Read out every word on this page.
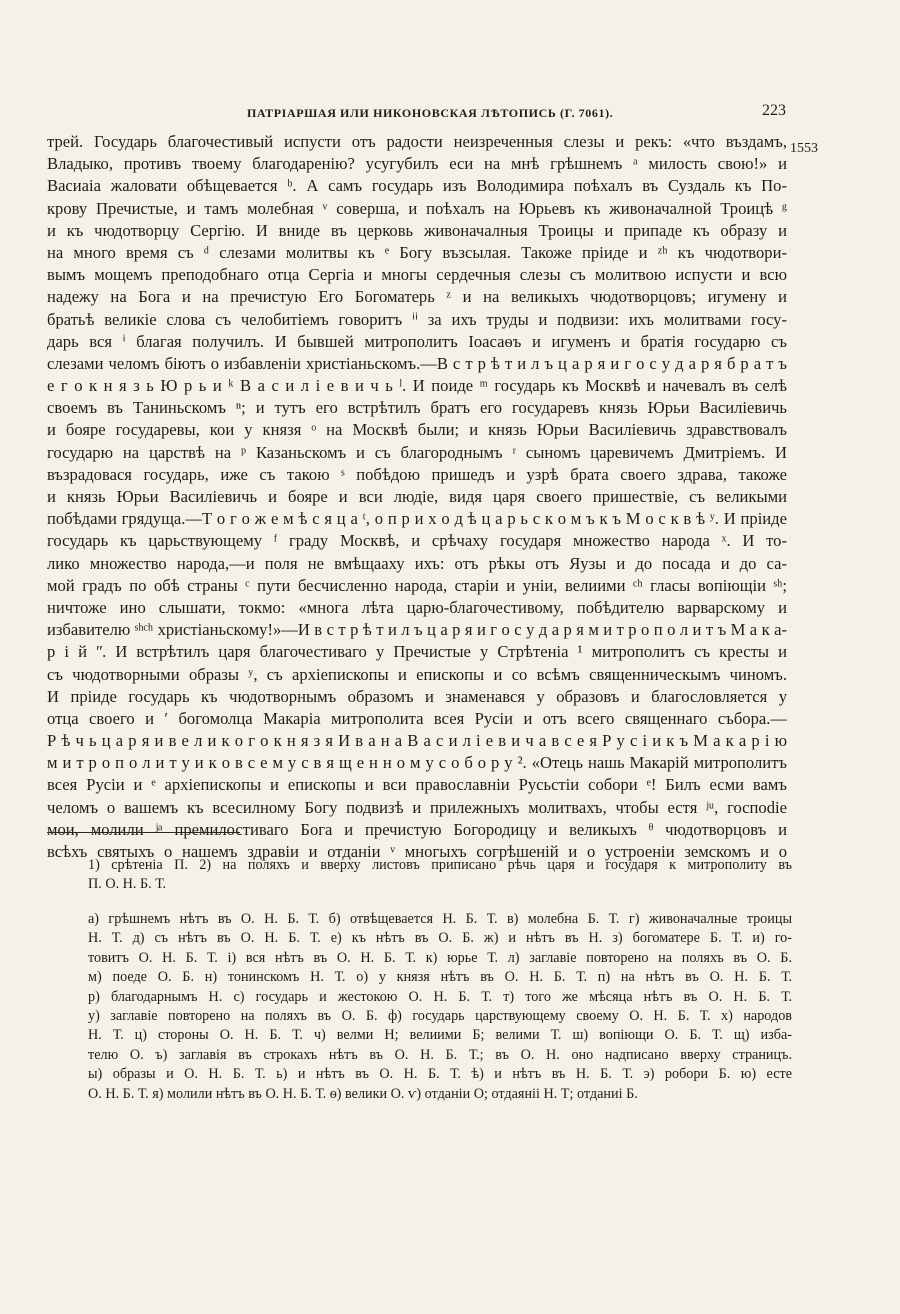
ПАТРІАРШАЯ ИЛИ НИКОНОВСКАЯ ЛѢТОПИСЬ (Г. 7061).	223
1553
трей. Государь благочестивый испусти отъ радости неизреченныя слезы и рекъ: «что въздамъ,
Владыко, противъ твоему благодаренію? усугубилъ еси на мнѣ грѣшнемъ ᵃ милость свою!» и
Васиаіа жаловати обѣщевается ᵇ. А самъ государь изъ Володимира поѣхалъ въ Суздаль къ По-
крову Пречистые, и тамъ молебная ᵛ соверша, и поѣхалъ на Юрьевъ къ живоначалной Троицѣ ᵍ
и къ чюдотворцу Сергію. И вниде въ церковь живоначалныя Троицы и припаде къ образу и
на много время съ ᵈ слезами молитвы къ ᵉ Богу възсылая. Такоже пріиде и ᶻʰ къ чюдотвори-
вымъ мощемъ преподобнаго отца Сергіа и многы сердечныя слезы съ молитвою испусти и всю
надежу на Бога и на пречистую Его Богоматерь ᶻ и на великыхъ чюдотворцовъ; игумену и
братьѣ великіе слова съ челобитіемъ говоритъ ⁱⁱ за ихъ труды и подвизи: ихъ молитвами госу-
дарь вся ⁱ благая получилъ. И бывшей митрополитъ Іоасаѳъ и игуменъ и братія государю съ
слезами челомъ біютъ о избавленіи христіаньскомъ.—В с т р ѣ т и л ъ ц а р я и г о с у д а р я б р а т ъ
е г о к н я з ь Ю р ь и ᵏ В а с и л і е в и ч ь ˡ. И поиде ᵐ государь къ Москвѣ и начевалъ въ селѣ
своемъ въ Таниньскомъ ⁿ; и тутъ его встрѣтилъ братъ его государевъ князь Юрьи Василіевичь
и бояре государевы, кои у князя ᵒ на Москвѣ были; и князь Юрьи Василіевичь здравствовалъ
государю на царствѣ на ᵖ Казаньскомъ и съ благороднымъ ʳ сыномъ царевичемъ Дмитріемъ. И
възрадовася государь, иже съ такою ˢ побѣдою пришедъ и узрѣ брата своего здрава, такоже
и князь Юрьи Василіевичь и бояре и вси людіе, видя царя своего пришествіе, съ великыми
побѣдами грядуща.—Т о г о ж е м ѣ с я ц а ᵗ, о п р и х о д ѣ ц а р ь с к о м ъ к ъ М о с к в ѣ ʸ. И пріиде
государь къ царьствующему ᶠ граду Москвѣ, и срѣчаху государя множество народа ˣ. И то-
лико множество народа,—и поля не вмѣщааху ихъ: отъ рѣкы отъ Яузы и до посада и до са-
мой градъ по обѣ страны ᶜ пути бесчисленно народа, старіи и уніи, велиими ᶜʰ гласы вопіющіи ˢʰ;
ничтоже ино слышати, токмо: «многа лѣта царю-благочестивому, побѣдителю варварскому и
избавителю ˢʰᶜʰ христіаньскому!»—И в с т р ѣ т и л ъ ц а р я и г о с у д а р я м и т р о п о л и т ъ М а к а-
р і й ʺ. И встрѣтилъ царя благочестиваго у Пречистые у Стрѣтеніа ¹ митрополитъ съ кресты и
съ чюдотворными образы ʸ, съ архіепископы и епископы и со всѣмъ священническымъ чиномъ.
И пріиде государь къ чюдотворнымъ образомъ и знаменався у образовъ и благословляется у
отца своего и ʹ богомолца Макаріа митрополита всея Русіи и отъ всего священнаго събора.—
Р ѣ ч ь ц а р я и в е л и к о г о к н я з я И в а н а В а с и л і е в и ч а в с е я Р у с і и к ъ М а к а р і ю
м и т р о п о л и т у и к о в с е м у с в я щ е н н о м у с о б о р у ². «Отець нашь Макарій митрополитъ
всея Русіи и ᵉ архіепископы и епископы и вси православніи Русьстіи собори ᵉ! Билъ есми вамъ
челомъ о вашемъ къ всесилному Богу подвизѣ и прилежныхъ молитвахъ, чтобы естя ʲᵘ, госпоdie
мои, молили ʲᵃ премилостиваго Бога и пречистую Богородицу и великыхъ ᶿ чюдотворцовъ и
всѣхъ святыхъ о нашемъ здравіи и отданіи ᵛ многыхъ согрѣшеній и о устроеніи земскомъ и о
1) срѣтеніа П. 2) на поляхъ и вверху листовъ приписано рѣчь царя и государя к митрополиту въ
П. О. Н. Б. Т.
а) грѣшнемъ нѣтъ въ О. Н. Б. Т. б) отвѣщевается Н. Б. Т. в) молебна Б. Т. г) живоначалные троицы
Н. Т. д) съ нѣтъ въ О. Н. Б. Т. е) къ нѣтъ въ О. Б. ж) и нѣтъ въ Н. з) богоматере Б. Т. и) го-
товитъ О. Н. Б. Т. і) вся нѣтъ въ О. Н. Б. Т. к) юрье Т. л) заглавіе повторено на поляхъ въ О. Б.
м) поеде О. Б. н) тонинскомъ Н. Т. о) у князя нѣтъ въ О. Н. Б. Т. п) на нѣтъ въ О. Н. Б. Т.
р) благодарнымъ Н. с) государь и жестокою О. Н. Б. Т. т) того же мѣсяца нѣтъ въ О. Н. Б. Т.
у) заглавіе повторено на поляхъ въ О. Б. ф) государь царствующему своему О. Н. Б. Т. х) народов
Н. Т. ц) стороны О. Н. Б. Т. ч) велми Н; велиими Б; велими Т. ш) вопіющи О. Б. Т. щ) изба-
телю О. ъ) заглавія въ строкахъ нѣтъ въ О. Н. Б. Т.; въ О. Н. оно надписано вверху страницъ.
ы) образы и О. Н. Б. Т. ь) и нѣтъ въ О. Н. Б. Т. ѣ) и нѣтъ въ Н. Б. Т. э) робори Б. ю) есте
О. Н. Б. Т. я) молили нѣтъ въ О. Н. Б. Т. ѳ) велики О. ѵ) отданіи О; отдаяніі Н. Т; отданиі Б.
